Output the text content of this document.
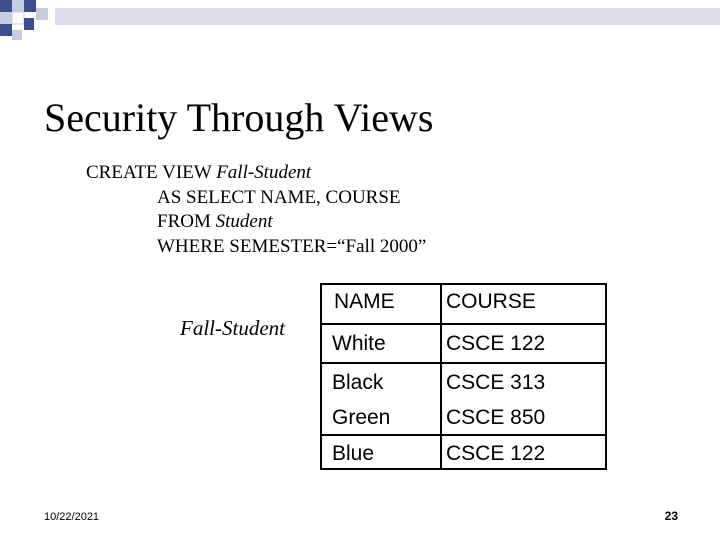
Security Through Views
CREATE VIEW Fall-Student
AS SELECT NAME, COURSE
FROM Student
WHERE SEMESTER=“Fall 2000”
Fall-Student
NAME COURSE
White	CSCE 122
Black	CSCE 313
Green	CSCE 850
Blue	CSCE 122
10/22/2021	23
